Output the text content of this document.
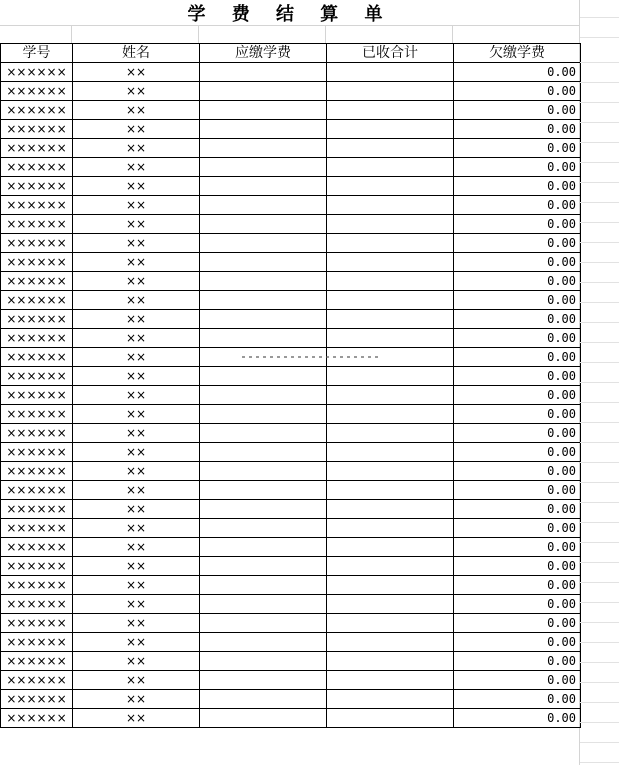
学 费 结 算 单
学号	姓名	应缴学费	已收合计	欠缴学费
××××××	××			0.00
××××××	××			0.00
××××××	××			0.00
××××××	××			0.00
××××××	××			0.00
××××××	××			0.00
××××××	××			0.00
××××××	××			0.00
××××××	××			0.00
××××××	××			0.00
××××××	××			0.00
××××××	××			0.00
××××××	××			0.00
××××××	××			0.00
××××××	××			0.00
××××××	××			0.00
××××××	××			0.00
××××××	××			0.00
××××××	××			0.00
××××××	××			0.00
××××××	××			0.00
××××××	××			0.00
××××××	××			0.00
××××××	××			0.00
××××××	××			0.00
××××××	××			0.00
××××××	××			0.00
××××××	××			0.00
××××××	××			0.00
××××××	××			0.00
××××××	××			0.00
××××××	××			0.00
××××××	××			0.00
××××××	××			0.00
××××××	××			0.00
